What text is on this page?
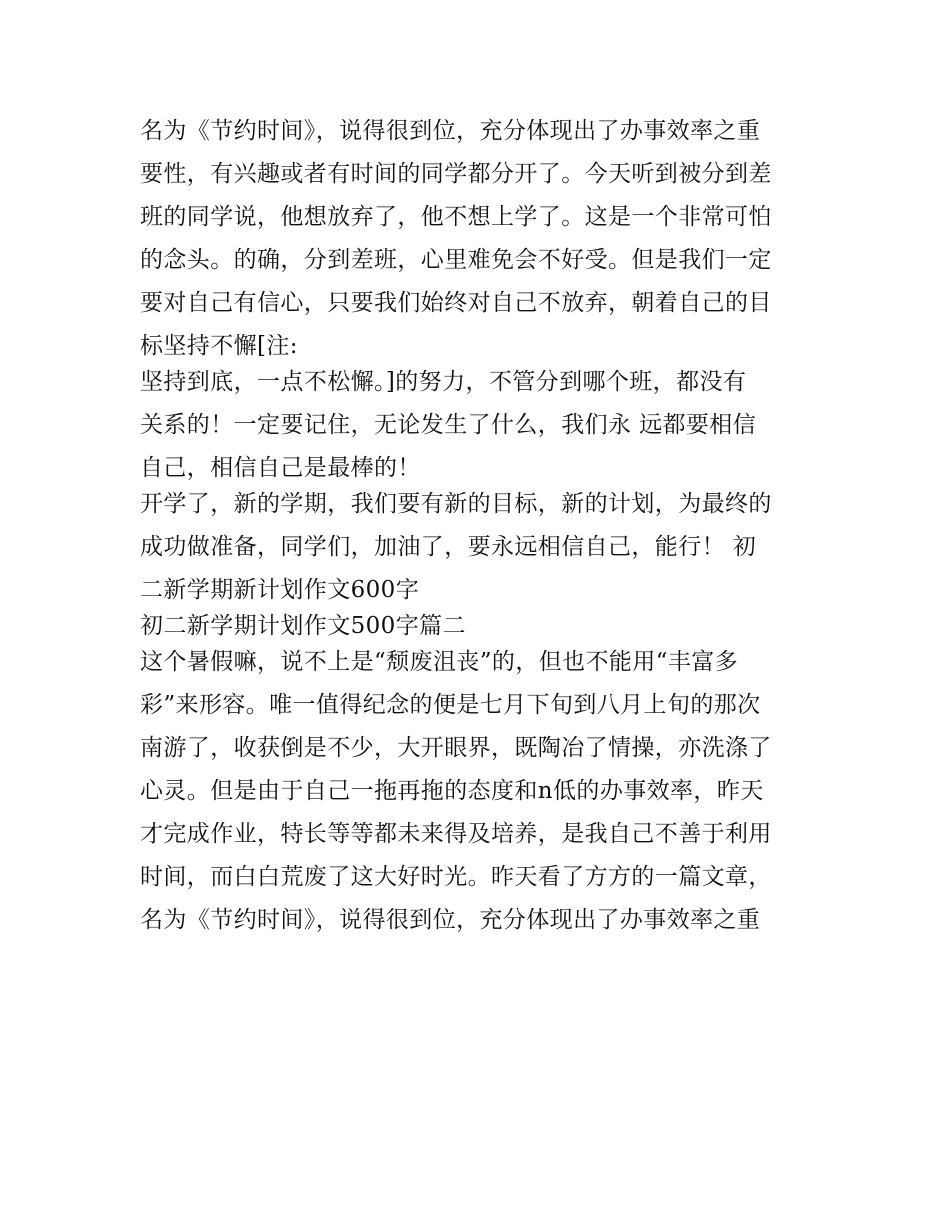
名为《节约时间》，说得很到位，充分体现出了办事效率之重
要性，有兴趣或者有时间的同学都分开了。今天听到被分到差
班的同学说，他想放弃了，他不想上学了。这是一个非常可怕
的念头。的确，分到差班，心里难免会不好受。但是我们一定
要对自己有信心，只要我们始终对自己不放弃，朝着自己的目
标坚持不懈[注:
坚持到底，一点不松懈。]的努力，不管分到哪个班，都没有
关系的！一定要记住，无论发生了什么，我们永 远都要相信
自己，相信自己是最棒的！
开学了，新的学期，我们要有新的目标，新的计划，为最终的
成功做准备，同学们，加油了，要永远相信自己，能行！ 初
二新学期新计划作文600字
初二新学期计划作文500字篇二
这个暑假嘛，说不上是“颓废沮丧”的，但也不能用“丰富多
彩”来形容。唯一值得纪念的便是七月下旬到八月上旬的那次
南游了，收获倒是不少，大开眼界，既陶冶了情操，亦洗涤了
心灵。但是由于自己一拖再拖的态度和n低的办事效率，昨天
才完成作业，特长等等都未来得及培养，是我自己不善于利用
时间，而白白荒废了这大好时光。昨天看了方方的一篇文章，
名为《节约时间》，说得很到位，充分体现出了办事效率之重
